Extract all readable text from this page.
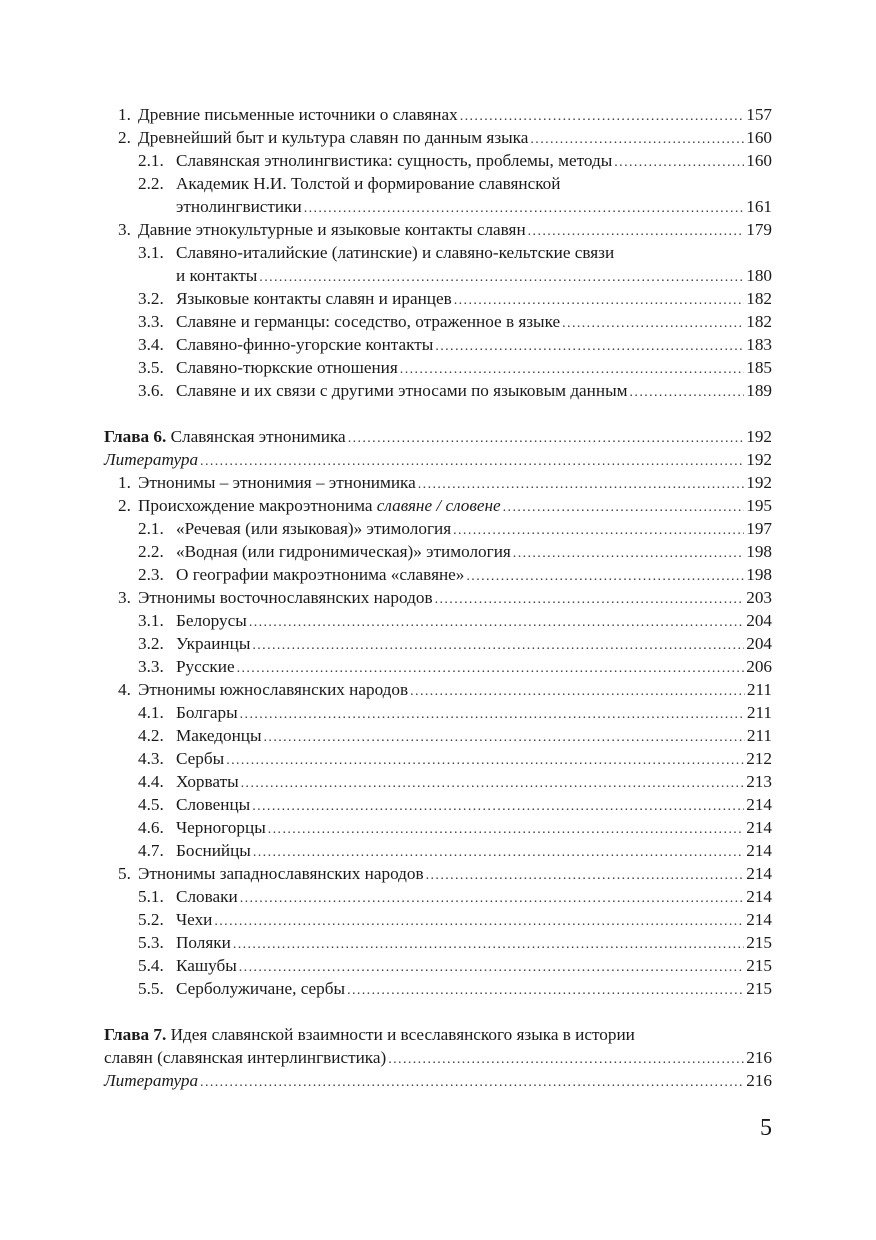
1. Древние письменные источники о славянах .....	157
2. Древнейший быт и культура славян по данным языка .....	160
2.1. Славянская этнолингвистика: сущность, проблемы, методы .....	160
2.2. Академик Н.И. Толстой и формирование славянской
этнолингвистики .....	161
3. Давние этнокультурные и языковые контакты славян .....	179
3.1. Славяно-италийские (латинские) и славяно-кельтские связи
и контакты .....	180
3.2. Языковые контакты славян и иранцев .....	182
3.3. Славяне и германцы: соседство, отраженное в языке .....	182
3.4. Славяно-финно-угорские контакты .....	183
3.5. Славяно-тюркские отношения .....	185
3.6. Славяне и их связи с другими этносами по языковым данным .....	189
Глава 6. Славянская этнонимика .....	192
Литература .....	192
1. Этнонимы – этнонимия – этнонимика .....	192
2. Происхождение макроэтнонима славяне / словене .....	195
2.1. «Речевая (или языковая)» этимология .....	197
2.2. «Водная (или гидронимическая)» этимология .....	198
2.3. О географии макроэтнонима «славяне» .....	198
3. Этнонимы восточнославянских народов .....	203
3.1. Белорусы .....	204
3.2. Украинцы .....	204
3.3. Русские .....	206
4. Этнонимы южнославянских народов .....	211
4.1. Болгары .....	211
4.2. Македонцы .....	211
4.3. Сербы .....	212
4.4. Хорваты .....	213
4.5. Словенцы .....	214
4.6. Черногорцы .....	214
4.7. Боснийцы .....	214
5. Этнонимы западнославянских народов .....	214
5.1. Словаки .....	214
5.2. Чехи .....	214
5.3. Поляки .....	215
5.4. Кашубы .....	215
5.5. Серболужичане, сербы .....	215
Глава 7. Идея славянской взаимности и всеславянского языка в истории
славян (славянская интерлингвистика) .....	216
Литература .....	216
5
